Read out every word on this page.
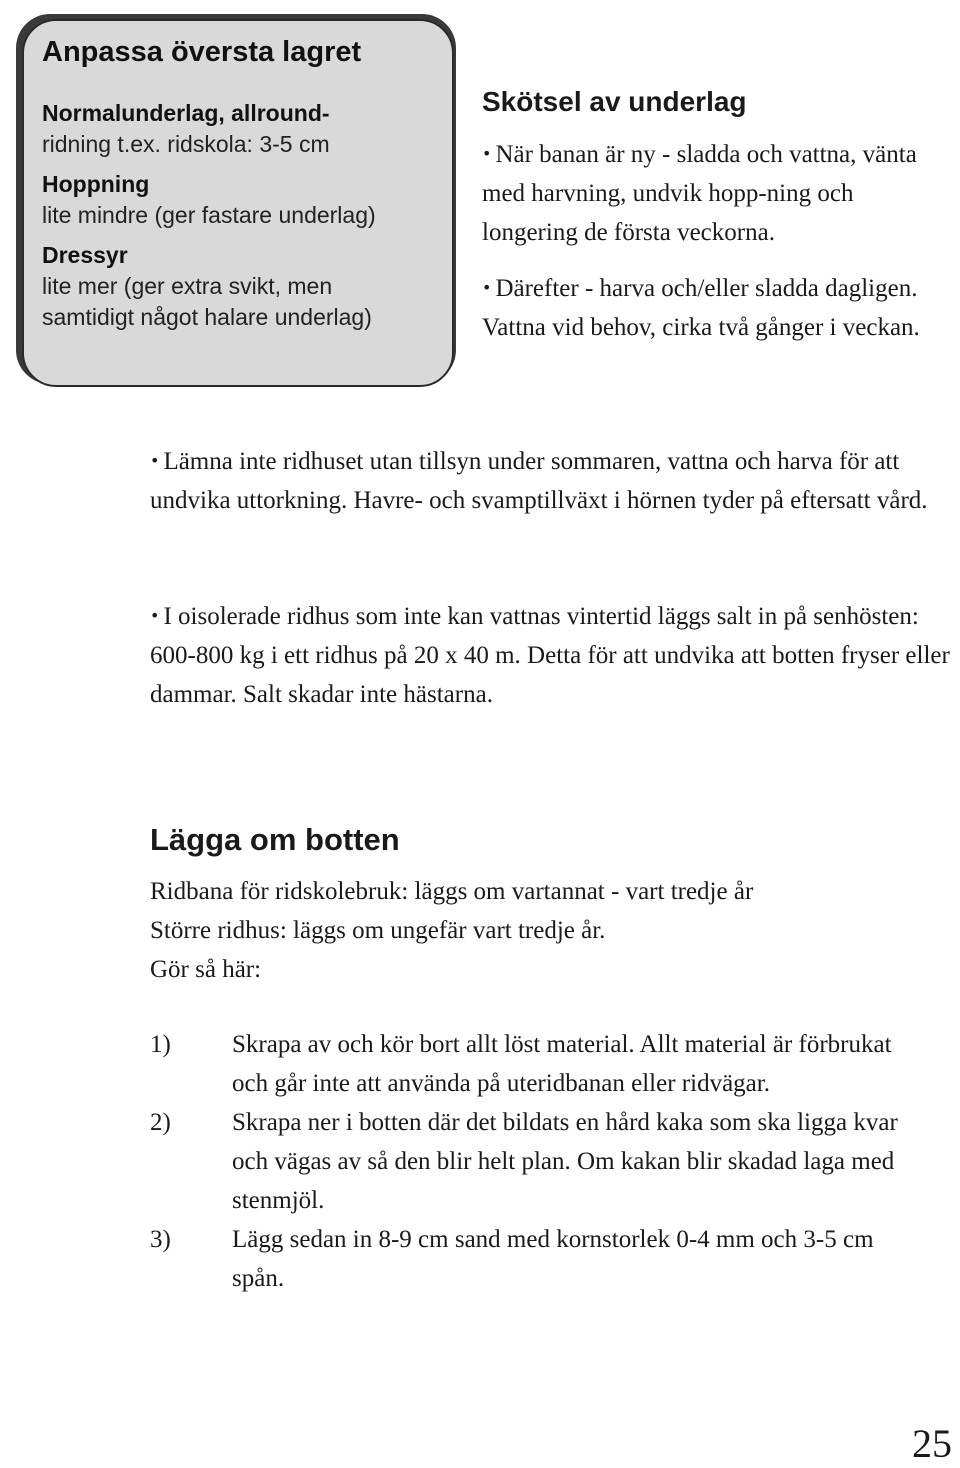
Anpassa översta lagret

Normalunderlag, allround-

ridning t.ex. ridskola: 3-5 cm

Hoppning

lite mindre (ger fastare underlag)

Dressyr

lite mer (ger extra svikt, men

samtidigt något halare underlag)

Skötsel av underlag

• När banan är ny - sladda och vattna, vänta med harvning, undvik hopp-ning och longering de första veckorna.

• Därefter - harva och/eller sladda dagligen. Vattna vid behov, cirka två gånger i veckan.

• Lämna inte ridhuset utan tillsyn under sommaren, vattna och harva för att undvika uttorkning. Havre- och svamptillväxt i hörnen tyder på eftersatt vård.

• I oisolerade ridhus som inte kan vattnas vintertid läggs salt in på senhösten: 600-800 kg i ett ridhus på 20 x 40 m. Detta för att undvika att botten fryser eller dammar. Salt skadar inte hästarna.

Lägga om botten

Ridbana för ridskolebruk: läggs om vartannat - vart tredje år

Större ridhus: läggs om ungefär vart tredje år.

Gör så här:

1)	Skrapa av och kör bort allt löst material. Allt material är förbrukat och går inte att använda på uteridbanan eller ridvägar.
2)	Skrapa ner i botten där det bildats en hård kaka som ska ligga kvar och vägas av så den blir helt plan. Om kakan blir skadad laga med stenmjöl.
3)	Lägg sedan in 8-9 cm sand med kornstorlek 0-4 mm och 3-5 cm spån.
25
